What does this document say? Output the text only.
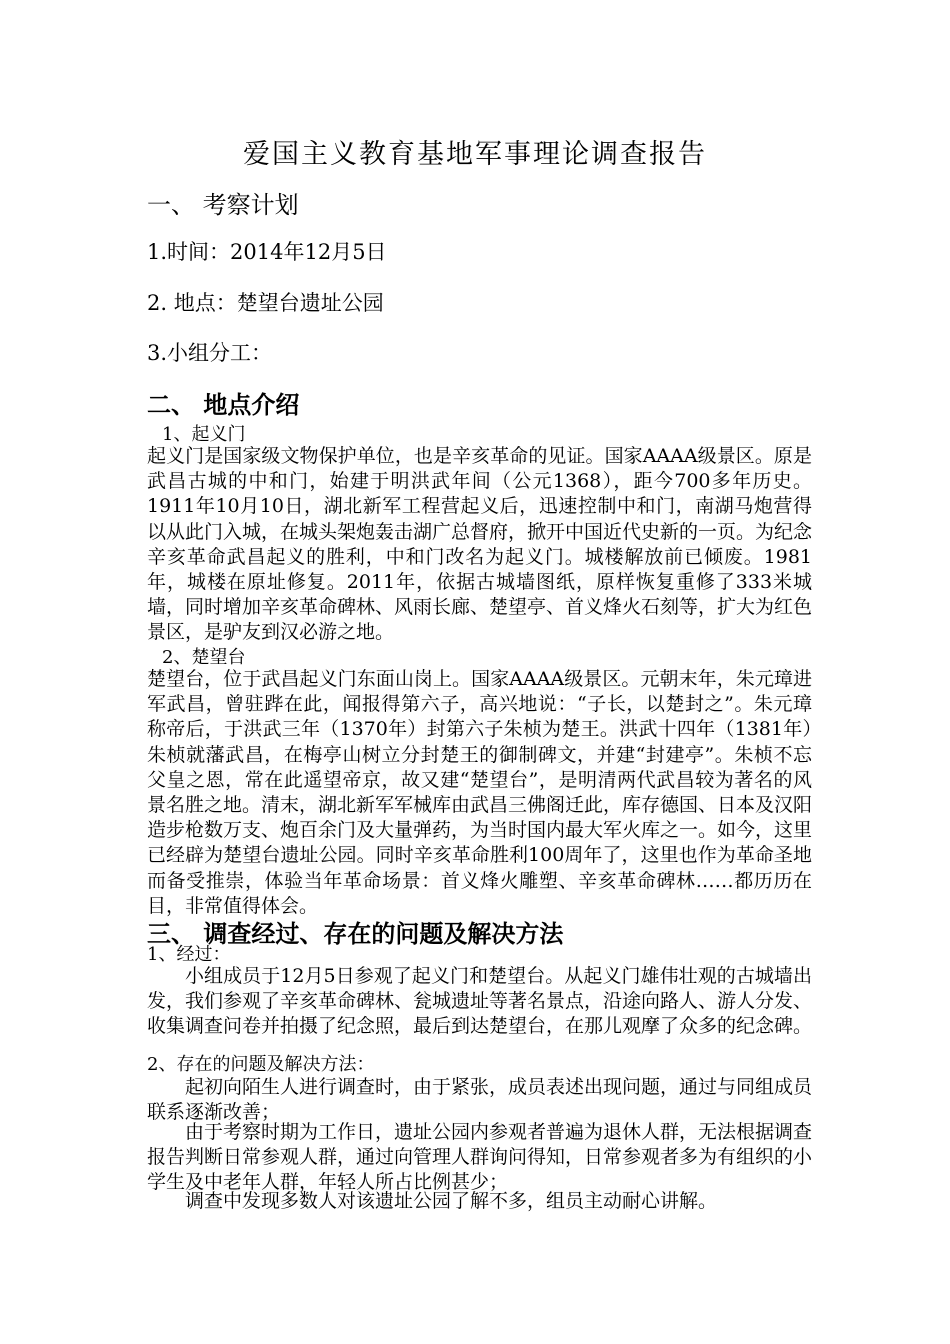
爱国主义教育基地军事理论调查报告
一、 考察计划
1.时间：2014年12月5日
2. 地点：楚望台遗址公园
3.小组分工：
二、 地点介绍
1、起义门
起义门是国家级文物保护单位，也是辛亥革命的见证。国家AAAA级景区。原是武昌古城的中和门，始建于明洪武年间（公元1368），距今700多年历史。1911年10月10日，湖北新军工程营起义后，迅速控制中和门，南湖马炮营得以从此门入城，在城头架炮轰击湖广总督府，掀开中国近代史新的一页。为纪念辛亥革命武昌起义的胜利，中和门改名为起义门。城楼解放前已倾废。1981年，城楼在原址修复。2011年，依据古城墙图纸，原样恢复重修了333米城墙，同时增加辛亥革命碑林、风雨长廊、楚望亭、首义烽火石刻等，扩大为红色景区，是驴友到汉必游之地。
2、楚望台
楚望台，位于武昌起义门东面山岗上。国家AAAA级景区。元朝末年，朱元璋进军武昌，曾驻跸在此，闻报得第六子，高兴地说：“子长，以楚封之”。朱元璋称帝后，于洪武三年（1370年）封第六子朱桢为楚王。洪武十四年（1381年）朱桢就藩武昌，在梅亭山树立分封楚王的御制碑文，并建“封建亭”。朱桢不忘父皇之恩，常在此遥望帝京，故又建“楚望台”，是明清两代武昌较为著名的风景名胜之地。清末，湖北新军军械库由武昌三佛阁迁此，库存德国、日本及汉阳造步枪数万支、炮百余门及大量弹药，为当时国内最大军火库之一。如今，这里已经辟为楚望台遗址公园。同时辛亥革命胜利100周年了，这里也作为革命圣地而备受推崇，体验当年革命场景：首义烽火雕塑、辛亥革命碑林……都历历在目，非常值得体会。
三、 调查经过、存在的问题及解决方法
1、经过：
小组成员于12月5日参观了起义门和楚望台。从起义门雄伟壮观的古城墙出发，我们参观了辛亥革命碑林、瓮城遗址等著名景点，沿途向路人、游人分发、收集调查问卷并拍摄了纪念照，最后到达楚望台，在那儿观摩了众多的纪念碑。
2、存在的问题及解决方法：
起初向陌生人进行调查时，由于紧张，成员表述出现问题，通过与同组成员联系逐渐改善；
由于考察时期为工作日，遗址公园内参观者普遍为退休人群，无法根据调查报告判断日常参观人群，通过向管理人群询问得知，日常参观者多为有组织的小学生及中老年人群，年轻人所占比例甚少；
调查中发现多数人对该遗址公园了解不多，组员主动耐心讲解。
